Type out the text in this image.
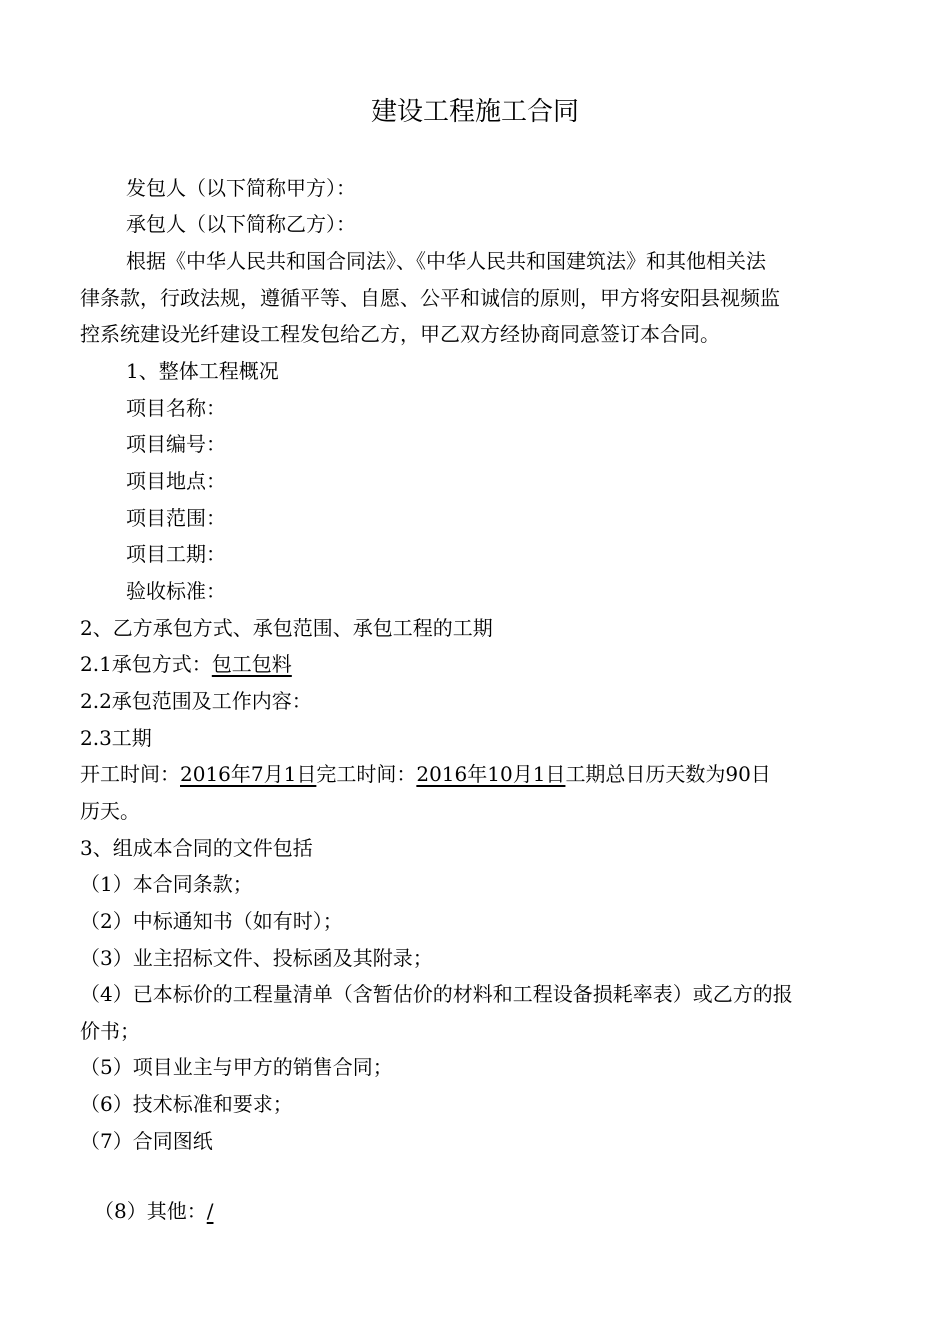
建设工程施工合同
发包人（以下简称甲方）：
承包人（以下简称乙方）：
根据《中华人民共和国合同法》、《中华人民共和国建筑法》和其他相关法
律条款，行政法规，遵循平等、自愿、公平和诚信的原则，甲方将安阳县视频监
控系统建设光纤建设工程发包给乙方，甲乙双方经协商同意签订本合同。
1、整体工程概况
项目名称：
项目编号：
项目地点：
项目范围：
项目工期：
验收标准：
2、乙方承包方式、承包范围、承包工程的工期
2.1承包方式：包工包料
2.2承包范围及工作内容：
2.3工期
开工时间：2016年7月1日完工时间：2016年10月1日工期总日历天数为90日
历天。
3、组成本合同的文件包括
（1）本合同条款；
（2）中标通知书（如有时）；
（3）业主招标文件、投标函及其附录；
（4）已本标价的工程量清单（含暂估价的材料和工程设备损耗率表）或乙方的报
价书；
（5）项目业主与甲方的销售合同；
（6）技术标准和要求；
（7）合同图纸
（8）其他：/
